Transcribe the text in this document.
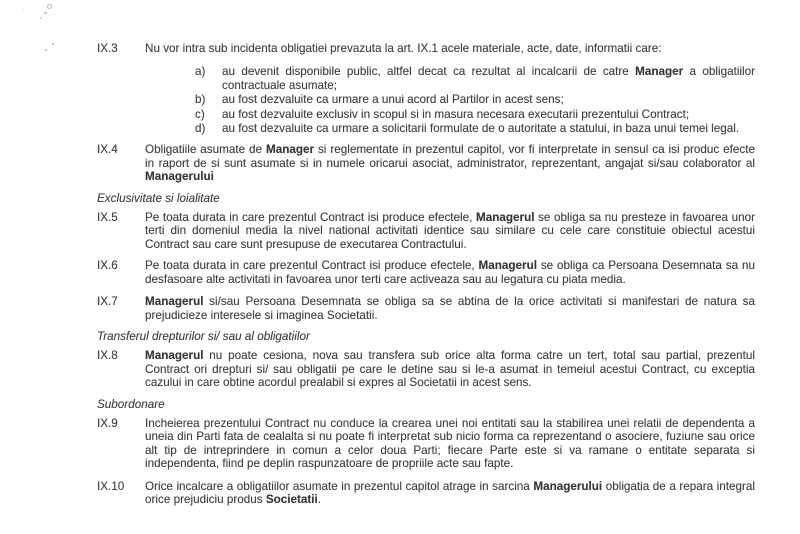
IX.3 Nu vor intra sub incidenta obligatiei prevazuta la art. IX.1 acele materiale, acte, date, informatii care:

a) au devenit disponibile public, altfel decat ca rezultat al incalcarii de catre Manager a obligatiilor contractuale asumate;

b) au fost dezvaluite ca urmare a unui acord al Partilor in acest sens;

c) au fost dezvaluite exclusiv in scopul si in masura necesara executarii prezentului Contract;

d) au fost dezvaluite ca urmare a solicitarii formulate de o autoritate a statului, in baza unui temei legal.

IX.4 Obligatiile asumate de Manager si reglementate in prezentul capitol, vor fi interpretate in sensul ca isi produc efecte in raport de si sunt asumate si in numele oricarui asociat, administrator, reprezentant, angajat si/sau colaborator al Managerului

Exclusivitate si loialitate

IX.5 Pe toata durata in care prezentul Contract isi produce efectele, Managerul se obliga sa nu presteze in favoarea unor terti din domeniul media la nivel national activitati identice sau similare cu cele care constituie obiectul acestui Contract sau care sunt presupuse de executarea Contractului.

IX.6 Pe toata durata in care prezentul Contract isi produce efectele, Managerul se obliga ca Persoana Desemnata sa nu desfasoare alte activitati in favoarea unor terti care activeaza sau au legatura cu piata media.

IX.7 Managerul si/sau Persoana Desemnata se obliga sa se abtina de la orice activitati si manifestari de natura sa prejudicieze interesele si imaginea Societatii.

Transferul drepturilor si/ sau al obligatiilor

IX.8 Managerul nu poate cesiona, nova sau transfera sub orice alta forma catre un tert, total sau partial, prezentul Contract ori drepturi si/ sau obligatii pe care le detine sau si le-a asumat in temeiul acestui Contract, cu exceptia cazului in care obtine acordul prealabil si expres al Societatii in acest sens.

Subordonare

IX.9 Incheierea prezentului Contract nu conduce la crearea unei noi entitati sau la stabilirea unei relatii de dependenta a uneia din Parti fata de cealalta si nu poate fi interpretat sub nicio forma ca reprezentand o asociere, fuziune sau orice alt tip de intreprindere in comun a celor doua Parti; fiecare Parte este si va ramane o entitate separata si independenta, fiind pe deplin raspunzatoare de propriile acte sau fapte.

IX.10 Orice incalcare a obligatiilor asumate in prezentul capitol atrage in sarcina Managerului obligatia de a repara integral orice prejudiciu produs Societatii.
